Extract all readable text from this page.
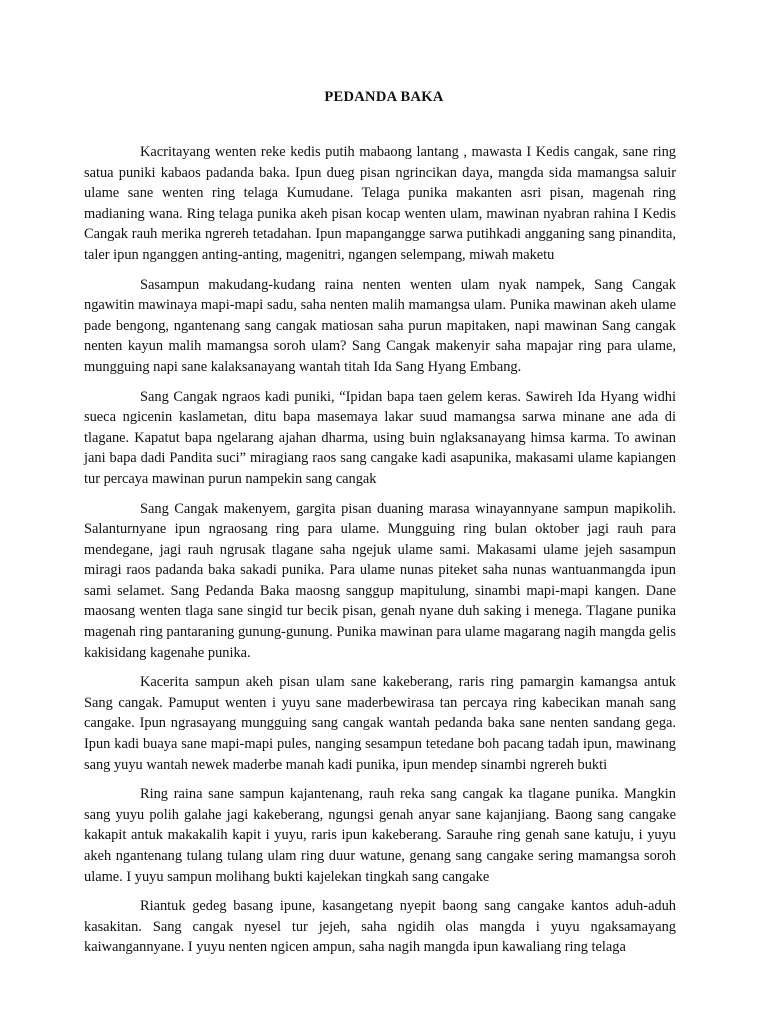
PEDANDA BAKA

Kacritayang wenten reke kedis putih mabaong lantang , mawasta I Kedis cangak, sane ring satua puniki kabaos padanda baka. Ipun dueg pisan ngrincikan daya, mangda sida mamangsa saluir ulame sane wenten ring telaga Kumudane. Telaga punika makanten asri pisan, magenah ring madianing wana. Ring telaga punika akeh pisan kocap wenten ulam, mawinan nyabran rahina I Kedis Cangak rauh merika ngrereh tetadahan. Ipun mapangangge sarwa putihkadi angganing sang pinandita, taler ipun nganggen anting-anting, magenitri, ngangen selempang, miwah maketu

Sasampun makudang-kudang raina nenten wenten ulam nyak nampek, Sang Cangak ngawitin mawinaya mapi-mapi sadu, saha nenten malih mamangsa ulam. Punika mawinan akeh ulame pade bengong, ngantenang sang cangak matiosan saha purun mapitaken, napi mawinan Sang cangak nenten kayun malih mamangsa soroh ulam? Sang Cangak makenyir saha mapajar ring para ulame, mungguing napi sane kalaksanayang wantah titah Ida Sang Hyang Embang.

Sang Cangak ngraos kadi puniki, “Ipidan bapa taen gelem keras. Sawireh Ida Hyang widhi sueca ngicenin kaslametan, ditu bapa masemaya lakar suud mamangsa sarwa minane ane ada di tlagane. Kapatut bapa ngelarang ajahan dharma, using buin nglaksanayang himsa karma. To awinan jani bapa dadi Pandita suci” miragiang raos sang cangake kadi asapunika, makasami ulame kapiangen tur percaya mawinan purun nampekin sang cangak

Sang Cangak makenyem, gargita pisan duaning marasa winayannyane sampun mapikolih. Salanturnyane ipun ngraosang ring para ulame. Mungguing ring bulan oktober jagi rauh para mendegane, jagi rauh ngrusak tlagane saha ngejuk ulame sami. Makasami ulame jejeh sasampun miragi raos padanda baka sakadi punika. Para ulame nunas piteket saha nunas wantuanmangda ipun sami selamet. Sang Pedanda Baka maosng sanggup mapitulung, sinambi mapi-mapi kangen. Dane maosang wenten tlaga sane singid tur becik pisan, genah nyane duh saking i menega. Tlagane punika magenah ring pantaraning gunung-gunung. Punika mawinan para ulame magarang nagih mangda gelis kakisidang kagenahe punika.

Kacerita sampun akeh pisan ulam sane kakeberang, raris ring pamargin kamangsa antuk Sang cangak. Pamuput wenten i yuyu sane maderbewirasa tan percaya ring kabecikan manah sang cangake. Ipun ngrasayang mungguing sang cangak wantah pedanda baka sane nenten sandang gega. Ipun kadi buaya sane mapi-mapi pules, nanging sesampun tetedane boh pacang tadah ipun, mawinang sang yuyu wantah newek maderbe manah kadi punika, ipun mendep sinambi ngrereh bukti

Ring raina sane sampun kajantenang, rauh reka sang cangak ka tlagane punika. Mangkin sang yuyu polih galahe jagi kakeberang, ngungsi genah anyar sane kajanjiang. Baong sang cangake kakapit antuk makakalih kapit i yuyu, raris ipun kakeberang. Sarauhe ring genah sane katuju, i yuyu akeh ngantenang tulang tulang ulam ring duur watune, genang sang cangake sering mamangsa soroh ulame. I yuyu sampun molihang bukti kajelekan tingkah sang cangake

Riantuk gedeg basang ipune, kasangetang nyepit baong sang cangake kantos aduh-aduh kasakitan. Sang cangak nyesel tur jejeh, saha ngidih olas mangda i yuyu ngaksamayang kaiwangannyane. I yuyu nenten ngicen ampun, saha nagih mangda ipun kawaliang ring telaga
